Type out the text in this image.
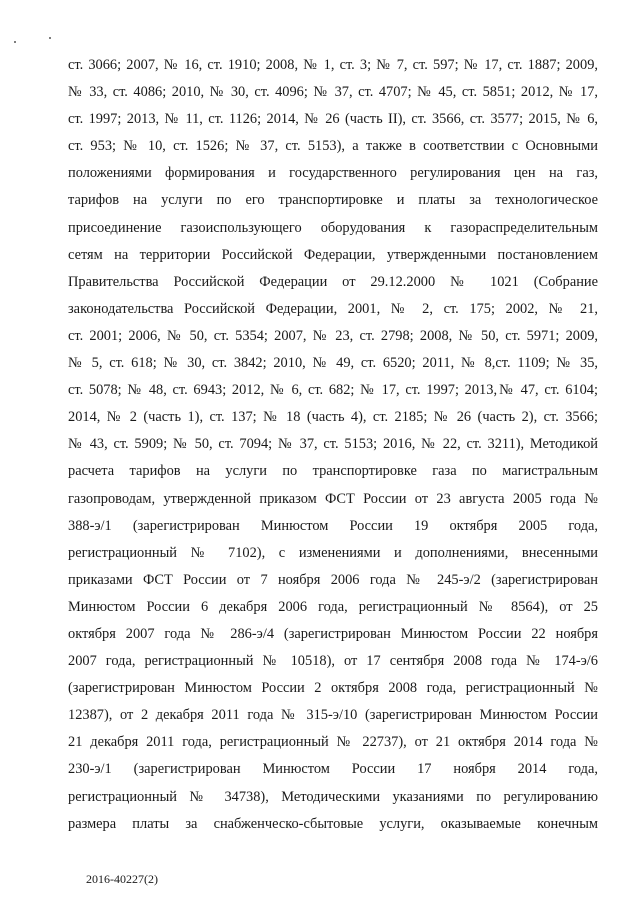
ст. 3066; 2007, № 16, ст. 1910; 2008, № 1, ст. 3; № 7, ст. 597; № 17, ст. 1887; 2009,
№ 33, ст. 4086; 2010, № 30, ст. 4096; № 37, ст. 4707; № 45, ст. 5851; 2012, № 17,
ст. 1997; 2013, № 11, ст. 1126; 2014, № 26 (часть II), ст. 3566, ст. 3577; 2015, № 6,
ст. 953; № 10, ст. 1526; № 37, ст. 5153), а также в соответствии с Основными
положениями формирования и государственного регулирования цен на газ,
тарифов на услуги по его транспортировке и платы за технологическое
присоединение газоиспользующего оборудования к газораспределительным
сетям на территории Российской Федерации, утвержденными постановлением
Правительства Российской Федерации от 29.12.2000 № 1021 (Собрание
законодательства Российской Федерации, 2001, № 2, ст. 175; 2002, № 21,
ст. 2001; 2006, № 50, ст. 5354; 2007, № 23, ст. 2798; 2008, № 50, ст. 5971; 2009,
№ 5, ст. 618; № 30, ст. 3842; 2010, № 49, ст. 6520; 2011, № 8,ст. 1109; № 35,
ст. 5078; № 48, ст. 6943; 2012, № 6, ст. 682; № 17, ст. 1997; 2013,№ 47, ст. 6104;
2014, № 2 (часть 1), ст. 137; № 18 (часть 4), ст. 2185; № 26 (часть 2), ст. 3566;
№ 43, ст. 5909; № 50, ст. 7094; № 37, ст. 5153; 2016, № 22, ст. 3211), Методикой
расчета тарифов на услуги по транспортировке газа по магистральным
газопроводам, утвержденной приказом ФСТ России от 23 августа 2005 года №
388-э/1 (зарегистрирован Минюстом России 19 октября 2005 года,
регистрационный № 7102), с изменениями и дополнениями, внесенными
приказами ФСТ России от 7 ноября 2006 года № 245-э/2 (зарегистрирован
Минюстом России 6 декабря 2006 года, регистрационный № 8564), от 25
октября 2007 года № 286-э/4 (зарегистрирован Минюстом России 22 ноября
2007 года, регистрационный № 10518), от 17 сентября 2008 года № 174-э/6
(зарегистрирован Минюстом России 2 октября 2008 года, регистрационный №
12387), от 2 декабря 2011 года № 315-э/10 (зарегистрирован Минюстом России
21 декабря 2011 года, регистрационный № 22737), от 21 октября 2014 года №
230-э/1 (зарегистрирован Минюстом России 17 ноября 2014 года,
регистрационный № 34738), Методическими указаниями по регулированию
размера платы за снабженческо-сбытовые услуги, оказываемые конечным
2016-40227(2)
